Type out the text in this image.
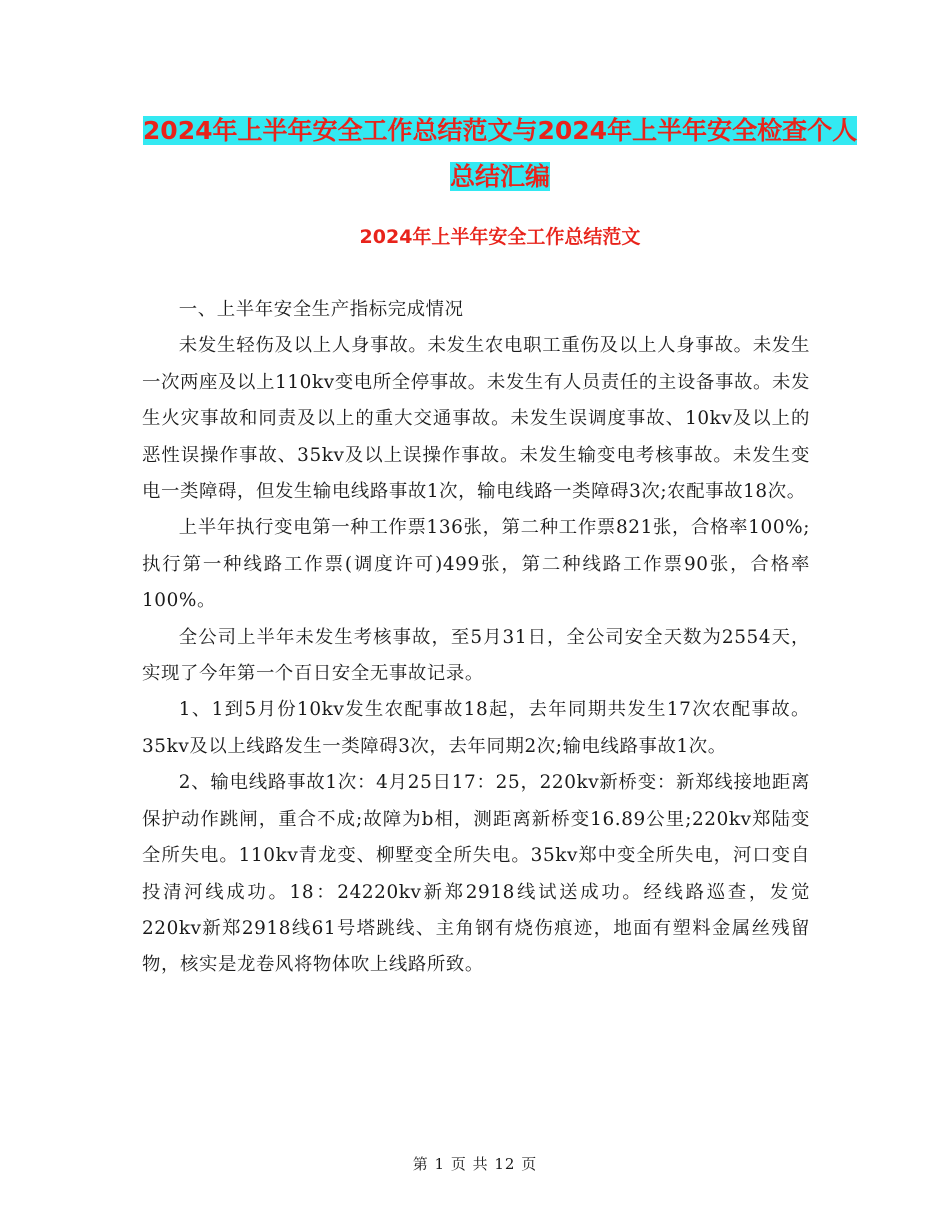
2024年上半年安全工作总结范文与2024年上半年安全检查个人总结汇编
2024年上半年安全工作总结范文

一、上半年安全生产指标完成情况

未发生轻伤及以上人身事故。未发生农电职工重伤及以上人身事故。未发生一次两座及以上110kv变电所全停事故。未发生有人员责任的主设备事故。未发生火灾事故和同责及以上的重大交通事故。未发生误调度事故、10kv及以上的恶性误操作事故、35kv及以上误操作事故。未发生输变电考核事故。未发生变电一类障碍，但发生输电线路事故1次，输电线路一类障碍3次;农配事故18次。

上半年执行变电第一种工作票136张，第二种工作票821张，合格率100%;执行第一种线路工作票(调度许可)499张，第二种线路工作票90张，合格率100%。

全公司上半年未发生考核事故，至5月31日，全公司安全天数为2554天，实现了今年第一个百日安全无事故记录。

1、1到5月份10kv发生农配事故18起，去年同期共发生17次农配事故。35kv及以上线路发生一类障碍3次，去年同期2次;输电线路事故1次。

2、输电线路事故1次：4月25日17：25，220kv新桥变：新郑线接地距离保护动作跳闸，重合不成;故障为b相，测距离新桥变16.89公里;220kv郑陆变全所失电。110kv青龙变、柳墅变全所失电。35kv郑中变全所失电，河口变自投清河线成功。18：24220kv新郑2918线试送成功。经线路巡查，发觉220kv新郑2918线61号塔跳线、主角钢有烧伤痕迹，地面有塑料金属丝残留物，核实是龙卷风将物体吹上线路所致。

第 1 页 共 12 页
